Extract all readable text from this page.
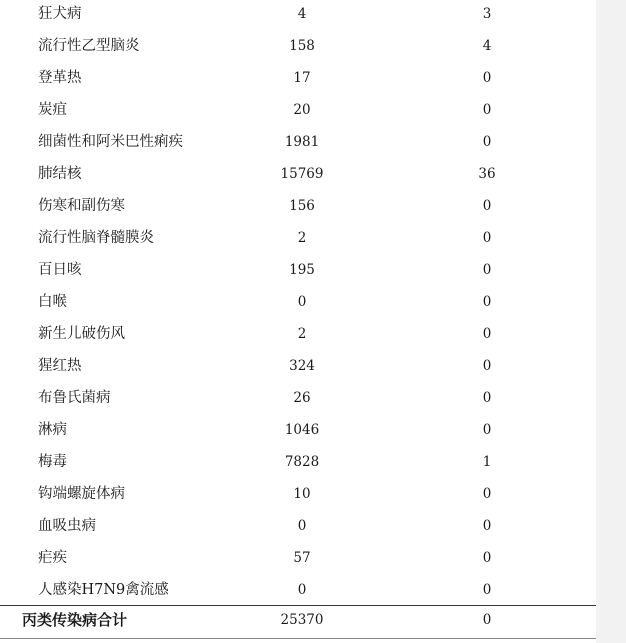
狂犬病	4	3
流行性乙型脑炎	158	4
登革热	17	0
炭疽	20	0
细菌性和阿米巴性痢疾	1981	0
肺结核	15769	36
伤寒和副伤寒	156	0
流行性脑脊髓膜炎	2	0
百日咳	195	0
白喉	0	0
新生儿破伤风	2	0
猩红热	324	0
布鲁氏菌病	26	0
淋病	1046	0
梅毒	7828	1
钩端螺旋体病	10	0
血吸虫病	0	0
疟疾	57	0
人感染H7N9禽流感	0	0
丙类传染病合计	25370	0
